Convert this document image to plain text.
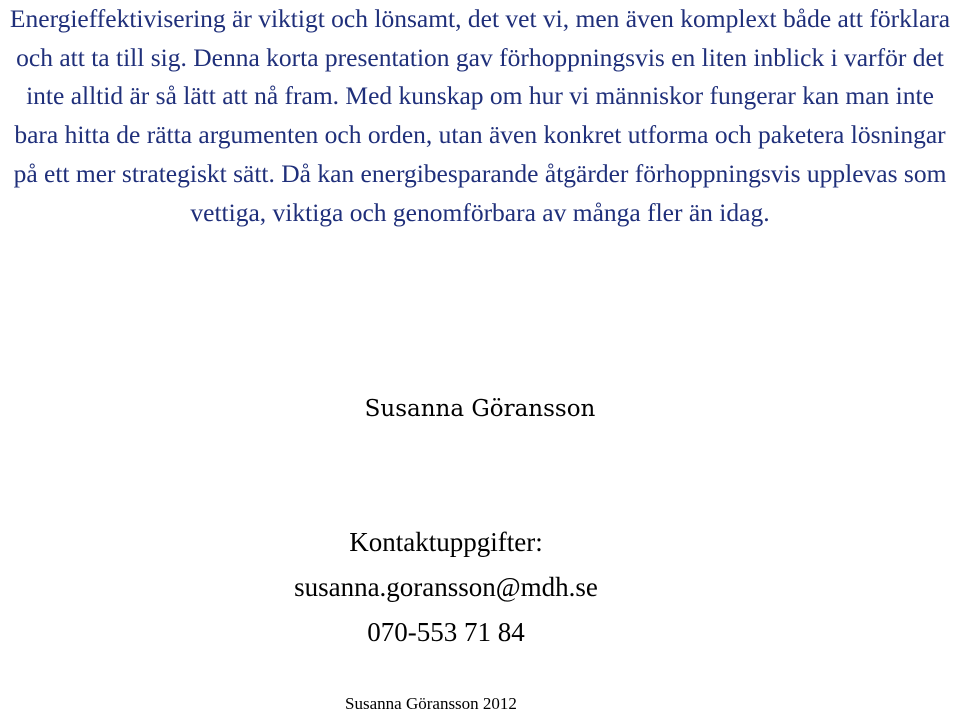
Energieffektivisering är viktigt och lönsamt, det vet vi, men även komplext både att förklara och att ta till sig. Denna korta presentation gav förhoppningsvis en liten inblick i varför det inte alltid är så lätt att nå fram. Med kunskap om hur vi människor fungerar kan man inte bara hitta de rätta argumenten och orden, utan även konkret utforma och paketera lösningar på ett mer strategiskt sätt. Då kan energibesparande åtgärder förhoppningsvis upplevas som vettiga, viktiga och genomförbara av många fler än idag.

Susanna Göransson
Kontaktuppgifter:
susanna.goransson@mdh.se
070-553 71 84
Susanna Göransson 2012
